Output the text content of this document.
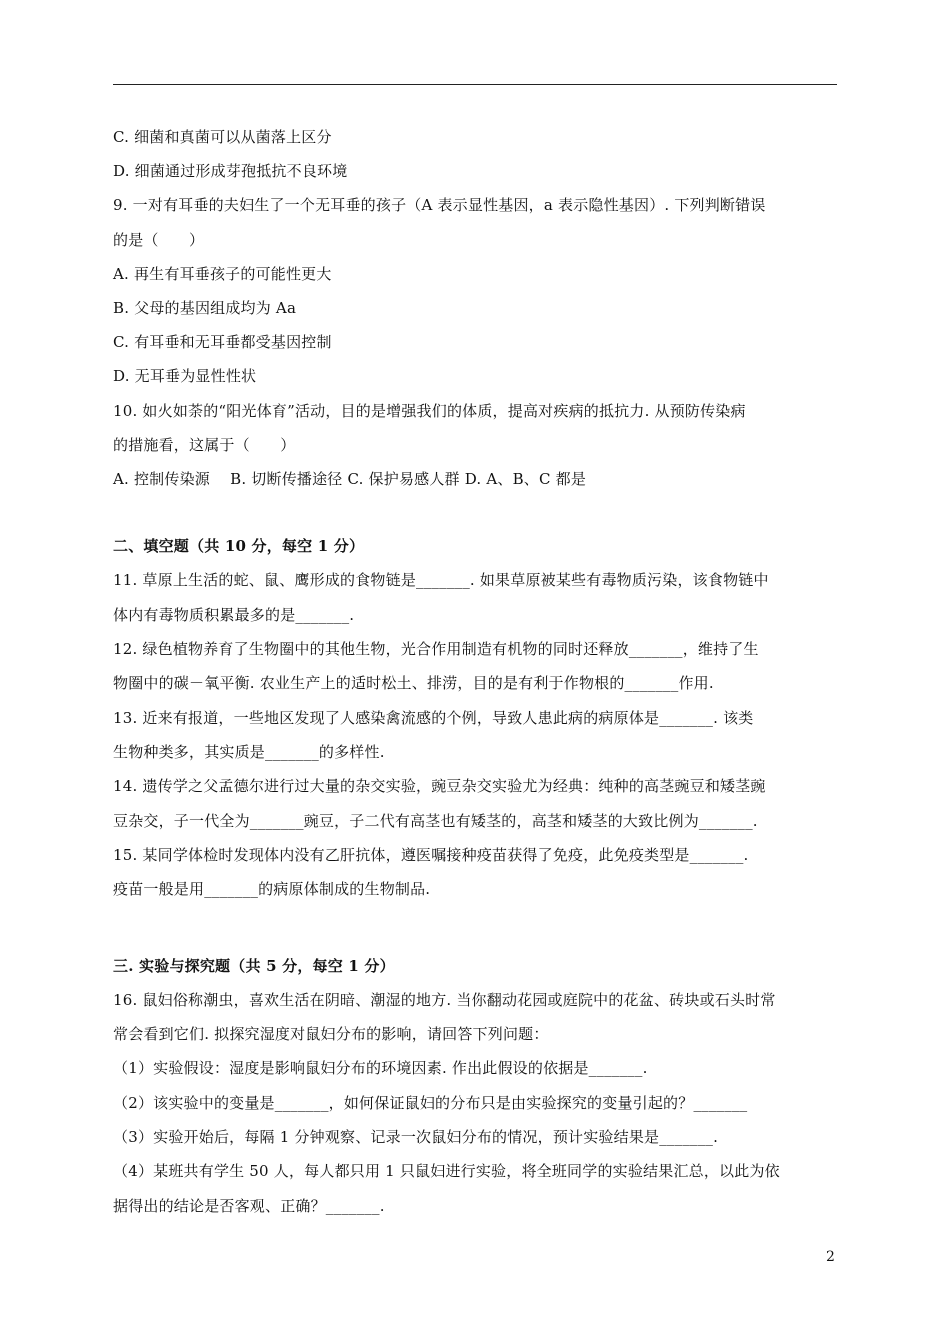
C. 细菌和真菌可以从菌落上区分
D. 细菌通过形成芽孢抵抗不良环境
9. 一对有耳垂的夫妇生了一个无耳垂的孩子（A 表示显性基因，a 表示隐性基因）. 下列判断错误
的是（　　）
A. 再生有耳垂孩子的可能性更大
B. 父母的基因组成均为 Aa
C. 有耳垂和无耳垂都受基因控制
D. 无耳垂为显性性状
10. 如火如荼的“阳光体育”活动，目的是增强我们的体质，提高对疾病的抵抗力. 从预防传染病
的措施看，这属于（　　）
A. 控制传染源　 B. 切断传播途径 C. 保护易感人群 D. A、B、C 都是
二、填空题（共 10 分，每空 1 分）
11. 草原上生活的蛇、鼠、鹰形成的食物链是_______. 如果草原被某些有毒物质污染，该食物链中
体内有毒物质积累最多的是_______.
12. 绿色植物养育了生物圈中的其他生物，光合作用制造有机物的同时还释放_______，维持了生
物圈中的碳－氧平衡. 农业生产上的适时松土、排涝，目的是有利于作物根的_______作用.
13. 近来有报道，一些地区发现了人感染禽流感的个例，导致人患此病的病原体是_______. 该类
生物种类多，其实质是_______的多样性.
14. 遗传学之父孟德尔进行过大量的杂交实验，豌豆杂交实验尤为经典：纯种的高茎豌豆和矮茎豌
豆杂交，子一代全为_______豌豆，子二代有高茎也有矮茎的，高茎和矮茎的大致比例为_______.
15. 某同学体检时发现体内没有乙肝抗体，遵医嘱接种疫苗获得了免疫，此免疫类型是_______.
疫苗一般是用_______的病原体制成的生物制品.
三. 实验与探究题（共 5 分，每空 1 分）
16. 鼠妇俗称潮虫，喜欢生活在阴暗、潮湿的地方. 当你翻动花园或庭院中的花盆、砖块或石头时常
常会看到它们. 拟探究湿度对鼠妇分布的影响，请回答下列问题：
（1）实验假设：湿度是影响鼠妇分布的环境因素. 作出此假设的依据是_______.
（2）该实验中的变量是_______，如何保证鼠妇的分布只是由实验探究的变量引起的？_______
（3）实验开始后，每隔 1 分钟观察、记录一次鼠妇分布的情况，预计实验结果是_______.
（4）某班共有学生 50 人，每人都只用 1 只鼠妇进行实验，将全班同学的实验结果汇总，以此为依
据得出的结论是否客观、正确？_______.
2
